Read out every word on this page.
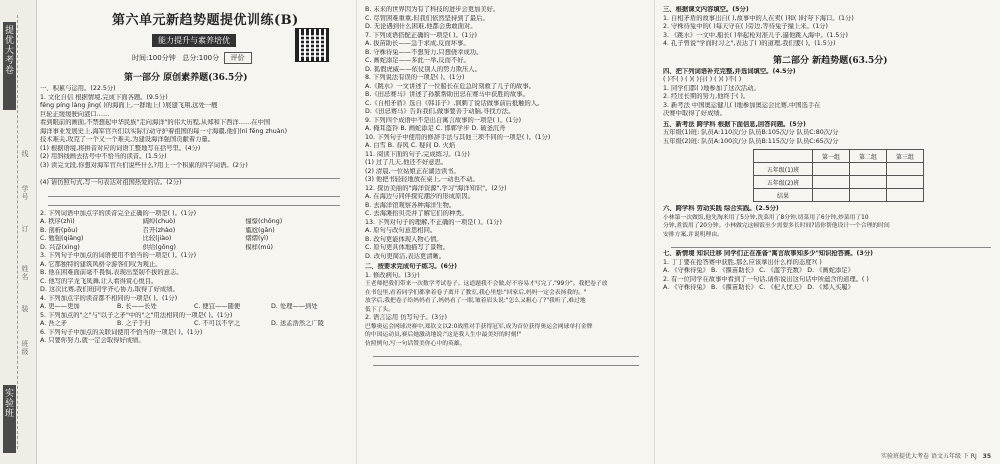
提优大考卷
实验班
线
学号
订
姓名
装
班级
第六单元新趋势题提优训练(B)
能力提升与素养培优
时间:100分钟 总分:100分 评价
第一部分 原创素养题(36.5分)
一、积累与运用。(22.5分)
1. 文化自信 根据情境,完成下面各题。(9.5分)
fēng píng làng jìng( )的海面上,一群地上( )展翅飞翔,远处一艘
巨轮正缓缓驶向港口……
看到眼前的画面,不禁想起中华民族"走向海洋"的伟大历程,从郑和下西洋……在中国
海洋事业发展史上,海军官兵们以实际行动守护着祖国的每一寸海疆,他们(nì fēng zhuàn)
技术难关,攻克了一个又一个难关,为建设海洋强国贡献着力量。
(1) 根据语境,将拼音对应的词语工整地写在括号里。(4分)
(2) 用斜线画去括号中不恰当的读音。(1.5分)
(3) 读完文段,你想对海军官兵们说些什么?用上一个积累的四字词语。(2分)
(4) 请仿照句式,写一句表达对祖国热爱的话。(2分)
2. 下列词语中加点字的读音完全正确的一项是( )。(1分)
A. 秩序(zhì)	阔绰(chuò)	憧憬(chōng)
B. 剖析(pōu)	召开(zhào)	尴尬(gān)
C. 勉强(qiǎng)	比较(jiào)	熠熠(yì)
D. 兴奋(xìng)	供给(gōng)	模样(mú)
3. 下列句子中加点的词语使用不恰当的一项是( )。(1分)
A. 它那独特的建筑风格令游客们叹为观止。
B. 他在困难面前毫不畏惧,表现出坚韧不拔的意志。
C. 他写的字龙飞凤舞,让人看得赏心悦目。
D. 这次比赛,我们班同学齐心协力,取得了好成绩。
4. 下列加点字的读音都不相同的一项是( )。(1分)
A. 更——更加	B. 长——长处	C. 便宜——随便	D. 处理——到处
5. 下列加点的"之"与"以子之矛"中的"之"用法相同的一项是( )。(1分)
A. 吾之矛	B. 之子于归	C. 不可以不学之	D. 送孟浩然之广陵
6. 下列句子中加点的关联词使用不恰当的一项是( )。(1分)
A. 只要你努力,就一定会取得好成绩。
B. 未来的世界因为有了科技的进步会更加美好。
C. 尽管困难重重,但我们依然坚持到了最后。
D. 无论遇到什么困难,他都会勇敢面对。
7. 下列成语搭配正确的一项是( )。(1分)
A. 拔苗助长——急于求成,反而坏事。
B. 守株待兔——不想努力,只想侥幸成功。
C. 画蛇添足——多此一举,反而不好。
D. 狐假虎威——依仗别人的势力欺压人。
8. 下列说法有误的一项是( )。(1分)
A.《跳水》一文讲述了一位船长在危急时刻救了儿子的故事。
B.《田忌赛马》讲述了孙膑帮助田忌在赛马中获胜的故事。
C.《自相矛盾》选自《韩非子》,讽刺了说话做事前后抵触的人。
D.《田忌赛马》告诉我们,做事要善于动脑,寻找方法。
9. 下列四个成语中不是出自寓言故事的一项是( )。(1分)
A. 掩耳盗铃 B. 画蛇添足 C. 邯郸学步 D. 破釜沉舟
10. 下列句子中使用的修辞手法与其他三项不同的一项是( )。(1分)
A. 白雪 B. 春风 C. 疑问 D. 火焰
11. 阅读下面的句子,完成练习。(1分)
(1) 过了几天,他还不好意思。
(2) 清晨,一位姑娘正在湖边读书。
(3) 他把书轻轻地放在桌上,一动也不动。
12. 探访美丽的"海洋资源",学习"海洋知识"。(2分)
A. 在海边与同伴探究潮汐的形成原因。
B. 去海洋馆观察各种海洋生物。
C. 去海滩拾贝壳并了解它们的种类。
13. 下列对句子的理解,不正确的一项是( )。(1分)
A. 原句与改句意思相同。
B. 改句更能体现人物心情。
C. 原句更具体地描写了景物。
D. 改句更简洁,表达更清晰。
二、按要求完成句子练习。(6分)
1. 修改病句。(3分)
王老师把我们带来一次数学考试卷子。这道题我不会做,好不容易才写完了,"99分"。我把卷子放
在书包里,看着同学们都拿着卷子离开了教室,我心里想:"回家后,妈妈一定会表扬我的。"
放学后,我把卷子给妈妈看了,妈妈看了一眼,皱着眉头说:"怎么又粗心了?"我听了,难过地
低下了头。
2. 语言运用 仿写句子。(3分)
巴黎奥运会网球决赛中,郑钦文以2:0战胜对手获得冠军,成为首位获得奥运会网球单打金牌
的中国运动员,赛后她激动地说:"这是我人生中最美好的时刻!"
仿照例句,写一句话赞美你心中的英雄。
三、根据课文内容填空。(5分)
1. 自相矛盾的故事出自( ),故事中的人在卖( )和( )时夸下海口。(1分)
2. 守株待兔中的( )每天守在( )旁边,等待兔子撞上来。(1分)
3. 《跳水》一文中,船长( )举起枪对准儿子,逼他跳入海中。(1.5分)
4. 孔子曾说"学而时习之",表达了( )的道理,我们要( )。(1.5分)
第二部分 新趋势题(63.5分)
四、把下列词语补充完整,并选词填空。(4.5分)
( )不( ) ( )( )自( ) ( )( )不( )
1. 同学们都( )地参加了这次活动。
2. 经过长期的努力,他终于( )。
3. 新考法 中国奥运健儿( )地参加奥运会比赛,中国选手在
决赛中取得了好成绩。
五、新考法 跨学科 根据下面信息,回答问题。(5分)
五年级(1)班: 队员A:110次/分 队员B:105次/分 队员C:80次/分
五年级(2)班: 队员A:100次/分 队员B:115次/分 队员C:65次/分
	第一组	第二组	第三组
五年级(1)班			
五年级(2)班			
结果			
六、跨学科 劳动实践 综合实践。(2.5分)
小林第一次做饭,他先淘米用了5分钟,洗菜用了8分钟,切菜用了6分钟,炒菜用了10
分钟,煮饭用了20分钟。小林做完这顿饭至少需要多长时间?请你帮他设计一个合理的时间
安排方案,并说明理由。
七、新情境 知识迁移 同学们正在准备"寓言故事知多少"知识抢答赛。(3分)
1. 丁丁要在抢答赛中获胜,那么应该拿出什么样的态度?( )
A. 《守株待兔》 B. 《揠苗助长》 C. 《滥竽充数》 D. 《画蛇添足》
2. 有一位同学在故事中看到了一句话,请你说出这句话中所蕴含的道理。( )
A. 《守株待兔》 B. 《揠苗助长》 C. 《杞人忧天》 D. 《郑人买履》
实验班提优大考卷 语文五年级 下 RJ 35
